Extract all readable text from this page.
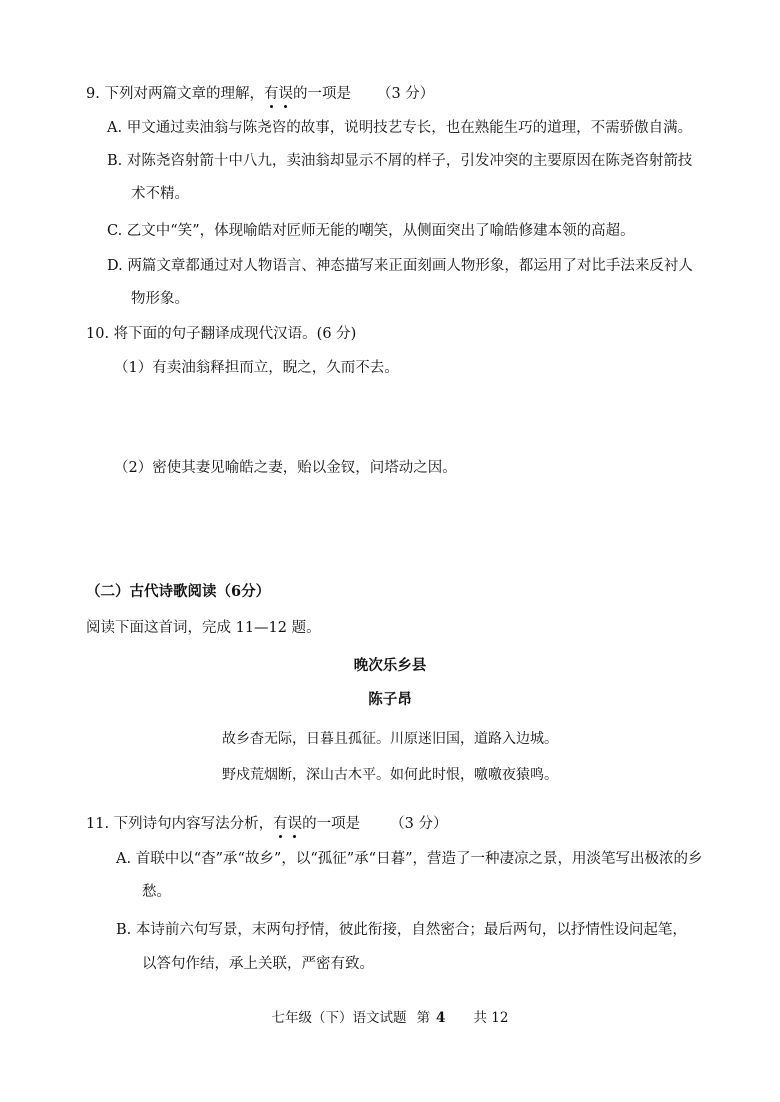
9. 下列对两篇文章的理解，有误的一项是 （3 分）
A. 甲文通过卖油翁与陈尧咨的故事，说明技艺专长，也在熟能生巧的道理，不需骄傲自满。
B. 对陈尧咨射箭十中八九，卖油翁却显示不屑的样子，引发冲突的主要原因在陈尧咨射箭技
术不精。
C. 乙文中“笑”，体现喻皓对匠师无能的嘲笑，从侧面突出了喻皓修建本领的高超。
D. 两篇文章都通过对人物语言、神态描写来正面刻画人物形象，都运用了对比手法来反衬人
物形象。
10. 将下面的句子翻译成现代汉语。(6 分)
（1）有卖油翁释担而立，睨之，久而不去。
（2）密使其妻见喻皓之妻，贻以金钗，问塔动之因。
（二）古代诗歌阅读（6分）
阅读下面这首词，完成 11—12 题。
晚次乐乡县
陈子昂
故乡杳无际，日暮且孤征。川原迷旧国，道路入边城。
野戍荒烟断，深山古木平。如何此时恨，噭噭夜猿鸣。
11. 下列诗句内容写法分析，有误的一项是 （3 分）
A. 首联中以“杳”承“故乡”，以“孤征”承“日暮”，营造了一种凄凉之景，用淡笔写出极浓的乡
愁。
B. 本诗前六句写景，末两句抒情，彼此衔接，自然密合；最后两句，以抒情性设问起笔，
以答句作结，承上关联，严密有致。
七年级（下）语文试题 第 4 共 12
